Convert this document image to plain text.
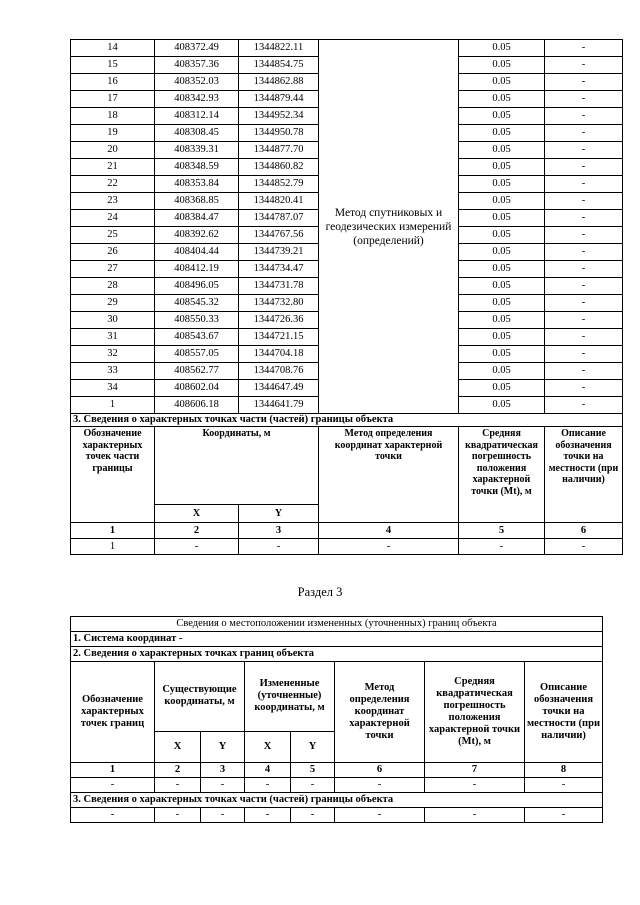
14	408372.49	1344822.11	Метод спутниковых и геодезических измерений (определений)	0.05	-
15	408357.36	1344854.75		0.05	-
16	408352.03	1344862.88		0.05	-
17	408342.93	1344879.44		0.05	-
18	408312.14	1344952.34		0.05	-
19	408308.45	1344950.78		0.05	-
20	408339.31	1344877.70		0.05	-
21	408348.59	1344860.82		0.05	-
22	408353.84	1344852.79		0.05	-
23	408368.85	1344820.41		0.05	-
24	408384.47	1344787.07		0.05	-
25	408392.62	1344767.56		0.05	-
26	408404.44	1344739.21		0.05	-
27	408412.19	1344734.47		0.05	-
28	408496.05	1344731.78		0.05	-
29	408545.32	1344732.80		0.05	-
30	408550.33	1344726.36		0.05	-
31	408543.67	1344721.15		0.05	-
32	408557.05	1344704.18		0.05	-
33	408562.77	1344708.76		0.05	-
34	408602.04	1344647.49		0.05	-
1	408606.18	1344641.79		0.05	-
3. Сведения о характерных точках части (частей) границы объекта					
Обозначение характерных точек части границы	Координаты, м		Метод определения координат характерной точки	Средняя квадратическая погрешность положения характерной точки (Mt), м	Описание обозначения точки на местности (при наличии)
	X	Y			
1	2	3	4	5	6
1	-	-	-	-	-
Раздел 3
Сведения о местоположении измененных (уточненных) границ объекта							
1. Система координат -							
2. Сведения о характерных точках границ объекта							
Обозначение характерных точек границ	Существующие координаты, м		Измененные (уточненные) координаты, м		Метод определения координат характерной точки	Средняя квадратическая погрешность положения характерной точки (Mt), м	Описание обозначения точки на местности (при наличии)
	X	Y	X	Y			
1	2	3	4	5	6	7	8
-	-	-	-	-	-	-	-
3. Сведения о характерных точках части (частей) границы объекта							
-	-	-	-	-	-	-	-
